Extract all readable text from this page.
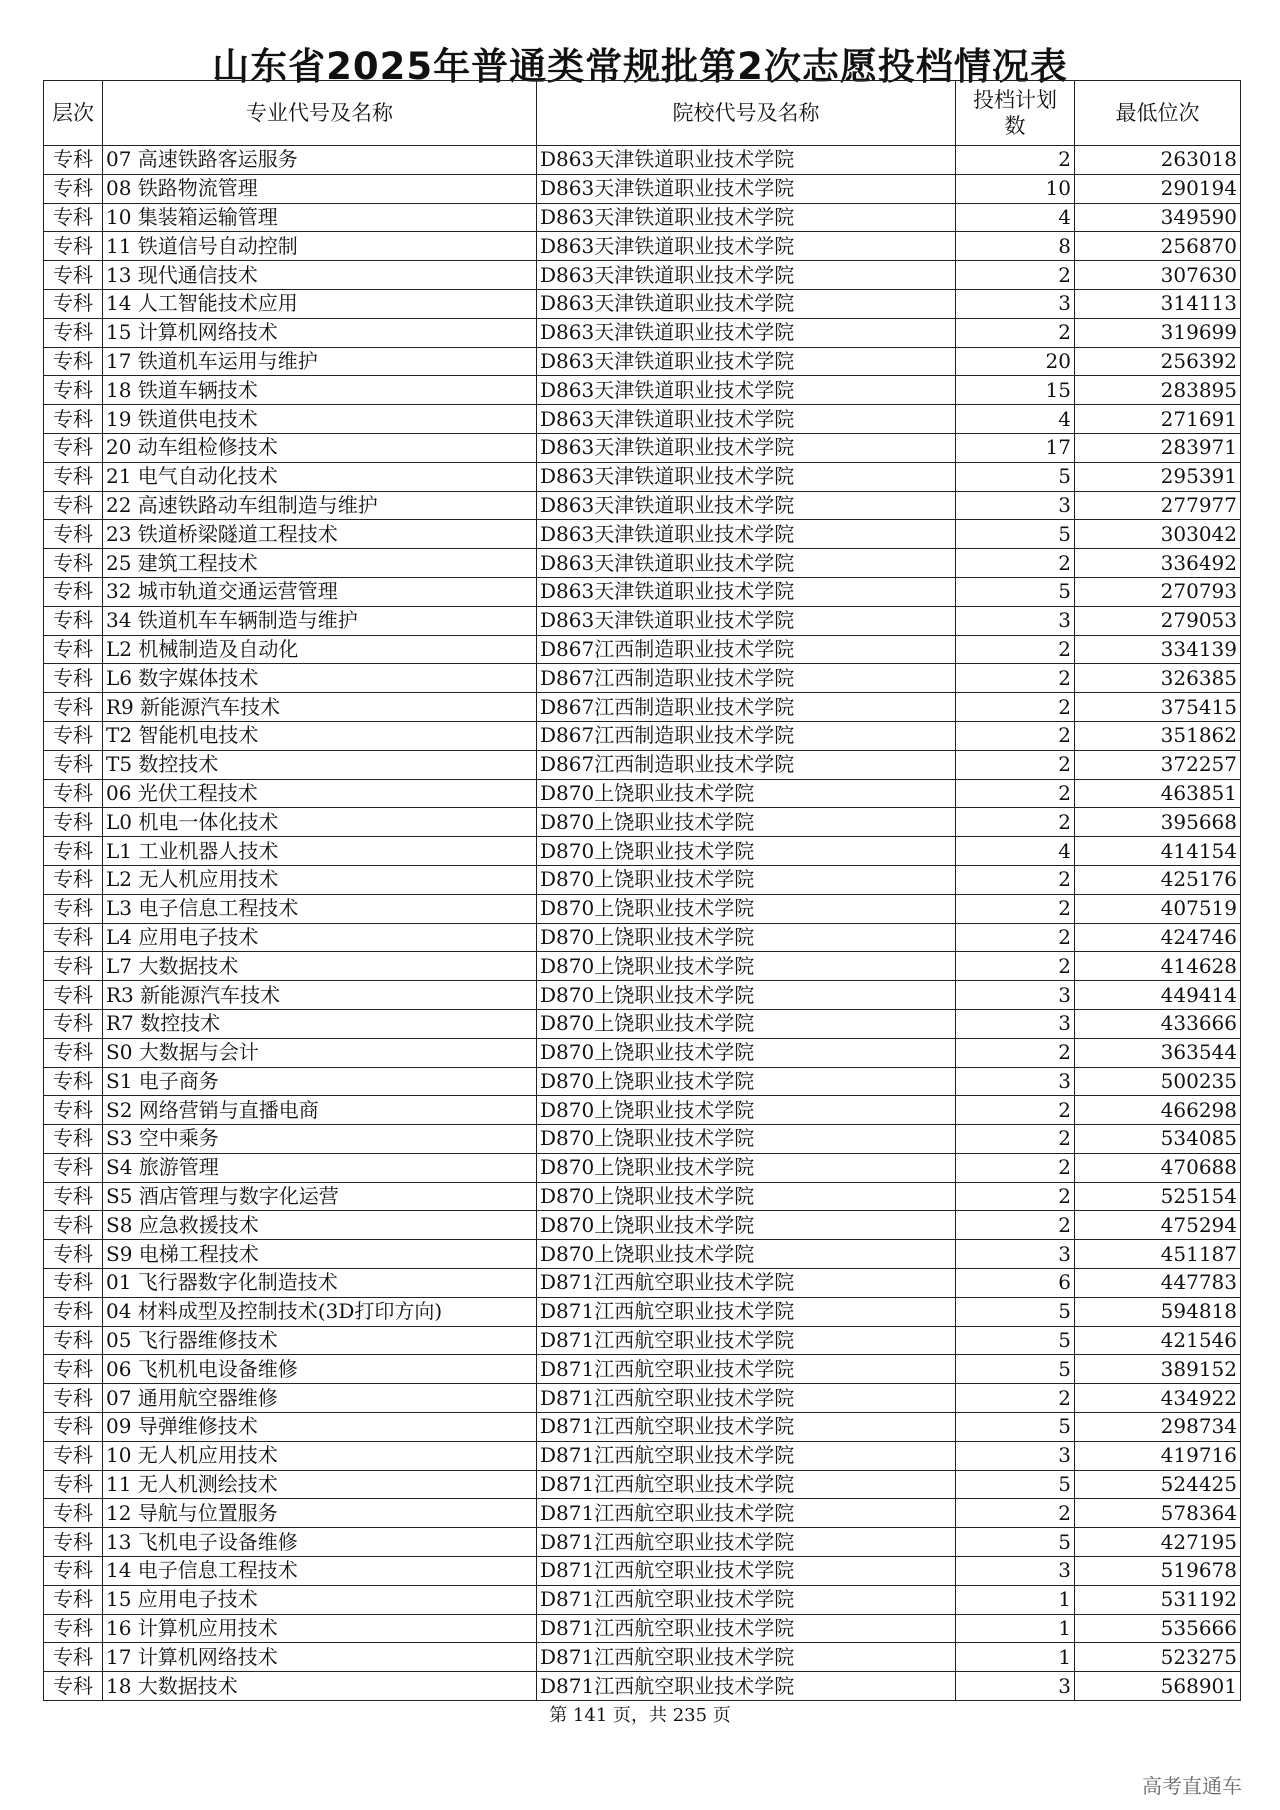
山东省2025年普通类常规批第2次志愿投档情况表
层次	专业代号及名称	院校代号及名称	投档计划数	最低位次
专科	07 高速铁路客运服务	D863天津铁道职业技术学院	2	263018
专科	08 铁路物流管理	D863天津铁道职业技术学院	10	290194
专科	10 集装箱运输管理	D863天津铁道职业技术学院	4	349590
专科	11 铁道信号自动控制	D863天津铁道职业技术学院	8	256870
专科	13 现代通信技术	D863天津铁道职业技术学院	2	307630
专科	14 人工智能技术应用	D863天津铁道职业技术学院	3	314113
专科	15 计算机网络技术	D863天津铁道职业技术学院	2	319699
专科	17 铁道机车运用与维护	D863天津铁道职业技术学院	20	256392
专科	18 铁道车辆技术	D863天津铁道职业技术学院	15	283895
专科	19 铁道供电技术	D863天津铁道职业技术学院	4	271691
专科	20 动车组检修技术	D863天津铁道职业技术学院	17	283971
专科	21 电气自动化技术	D863天津铁道职业技术学院	5	295391
专科	22 高速铁路动车组制造与维护	D863天津铁道职业技术学院	3	277977
专科	23 铁道桥梁隧道工程技术	D863天津铁道职业技术学院	5	303042
专科	25 建筑工程技术	D863天津铁道职业技术学院	2	336492
专科	32 城市轨道交通运营管理	D863天津铁道职业技术学院	5	270793
专科	34 铁道机车车辆制造与维护	D863天津铁道职业技术学院	3	279053
专科	L2 机械制造及自动化	D867江西制造职业技术学院	2	334139
专科	L6 数字媒体技术	D867江西制造职业技术学院	2	326385
专科	R9 新能源汽车技术	D867江西制造职业技术学院	2	375415
专科	T2 智能机电技术	D867江西制造职业技术学院	2	351862
专科	T5 数控技术	D867江西制造职业技术学院	2	372257
专科	06 光伏工程技术	D870上饶职业技术学院	2	463851
专科	L0 机电一体化技术	D870上饶职业技术学院	2	395668
专科	L1 工业机器人技术	D870上饶职业技术学院	4	414154
专科	L2 无人机应用技术	D870上饶职业技术学院	2	425176
专科	L3 电子信息工程技术	D870上饶职业技术学院	2	407519
专科	L4 应用电子技术	D870上饶职业技术学院	2	424746
专科	L7 大数据技术	D870上饶职业技术学院	2	414628
专科	R3 新能源汽车技术	D870上饶职业技术学院	3	449414
专科	R7 数控技术	D870上饶职业技术学院	3	433666
专科	S0 大数据与会计	D870上饶职业技术学院	2	363544
专科	S1 电子商务	D870上饶职业技术学院	3	500235
专科	S2 网络营销与直播电商	D870上饶职业技术学院	2	466298
专科	S3 空中乘务	D870上饶职业技术学院	2	534085
专科	S4 旅游管理	D870上饶职业技术学院	2	470688
专科	S5 酒店管理与数字化运营	D870上饶职业技术学院	2	525154
专科	S8 应急救援技术	D870上饶职业技术学院	2	475294
专科	S9 电梯工程技术	D870上饶职业技术学院	3	451187
专科	01 飞行器数字化制造技术	D871江西航空职业技术学院	6	447783
专科	04 材料成型及控制技术(3D打印方向)	D871江西航空职业技术学院	5	594818
专科	05 飞行器维修技术	D871江西航空职业技术学院	5	421546
专科	06 飞机机电设备维修	D871江西航空职业技术学院	5	389152
专科	07 通用航空器维修	D871江西航空职业技术学院	2	434922
专科	09 导弹维修技术	D871江西航空职业技术学院	5	298734
专科	10 无人机应用技术	D871江西航空职业技术学院	3	419716
专科	11 无人机测绘技术	D871江西航空职业技术学院	5	524425
专科	12 导航与位置服务	D871江西航空职业技术学院	2	578364
专科	13 飞机电子设备维修	D871江西航空职业技术学院	5	427195
专科	14 电子信息工程技术	D871江西航空职业技术学院	3	519678
专科	15 应用电子技术	D871江西航空职业技术学院	1	531192
专科	16 计算机应用技术	D871江西航空职业技术学院	1	535666
专科	17 计算机网络技术	D871江西航空职业技术学院	1	523275
专科	18 大数据技术	D871江西航空职业技术学院	3	568901
第 141 页，共 235 页
高考直通车
